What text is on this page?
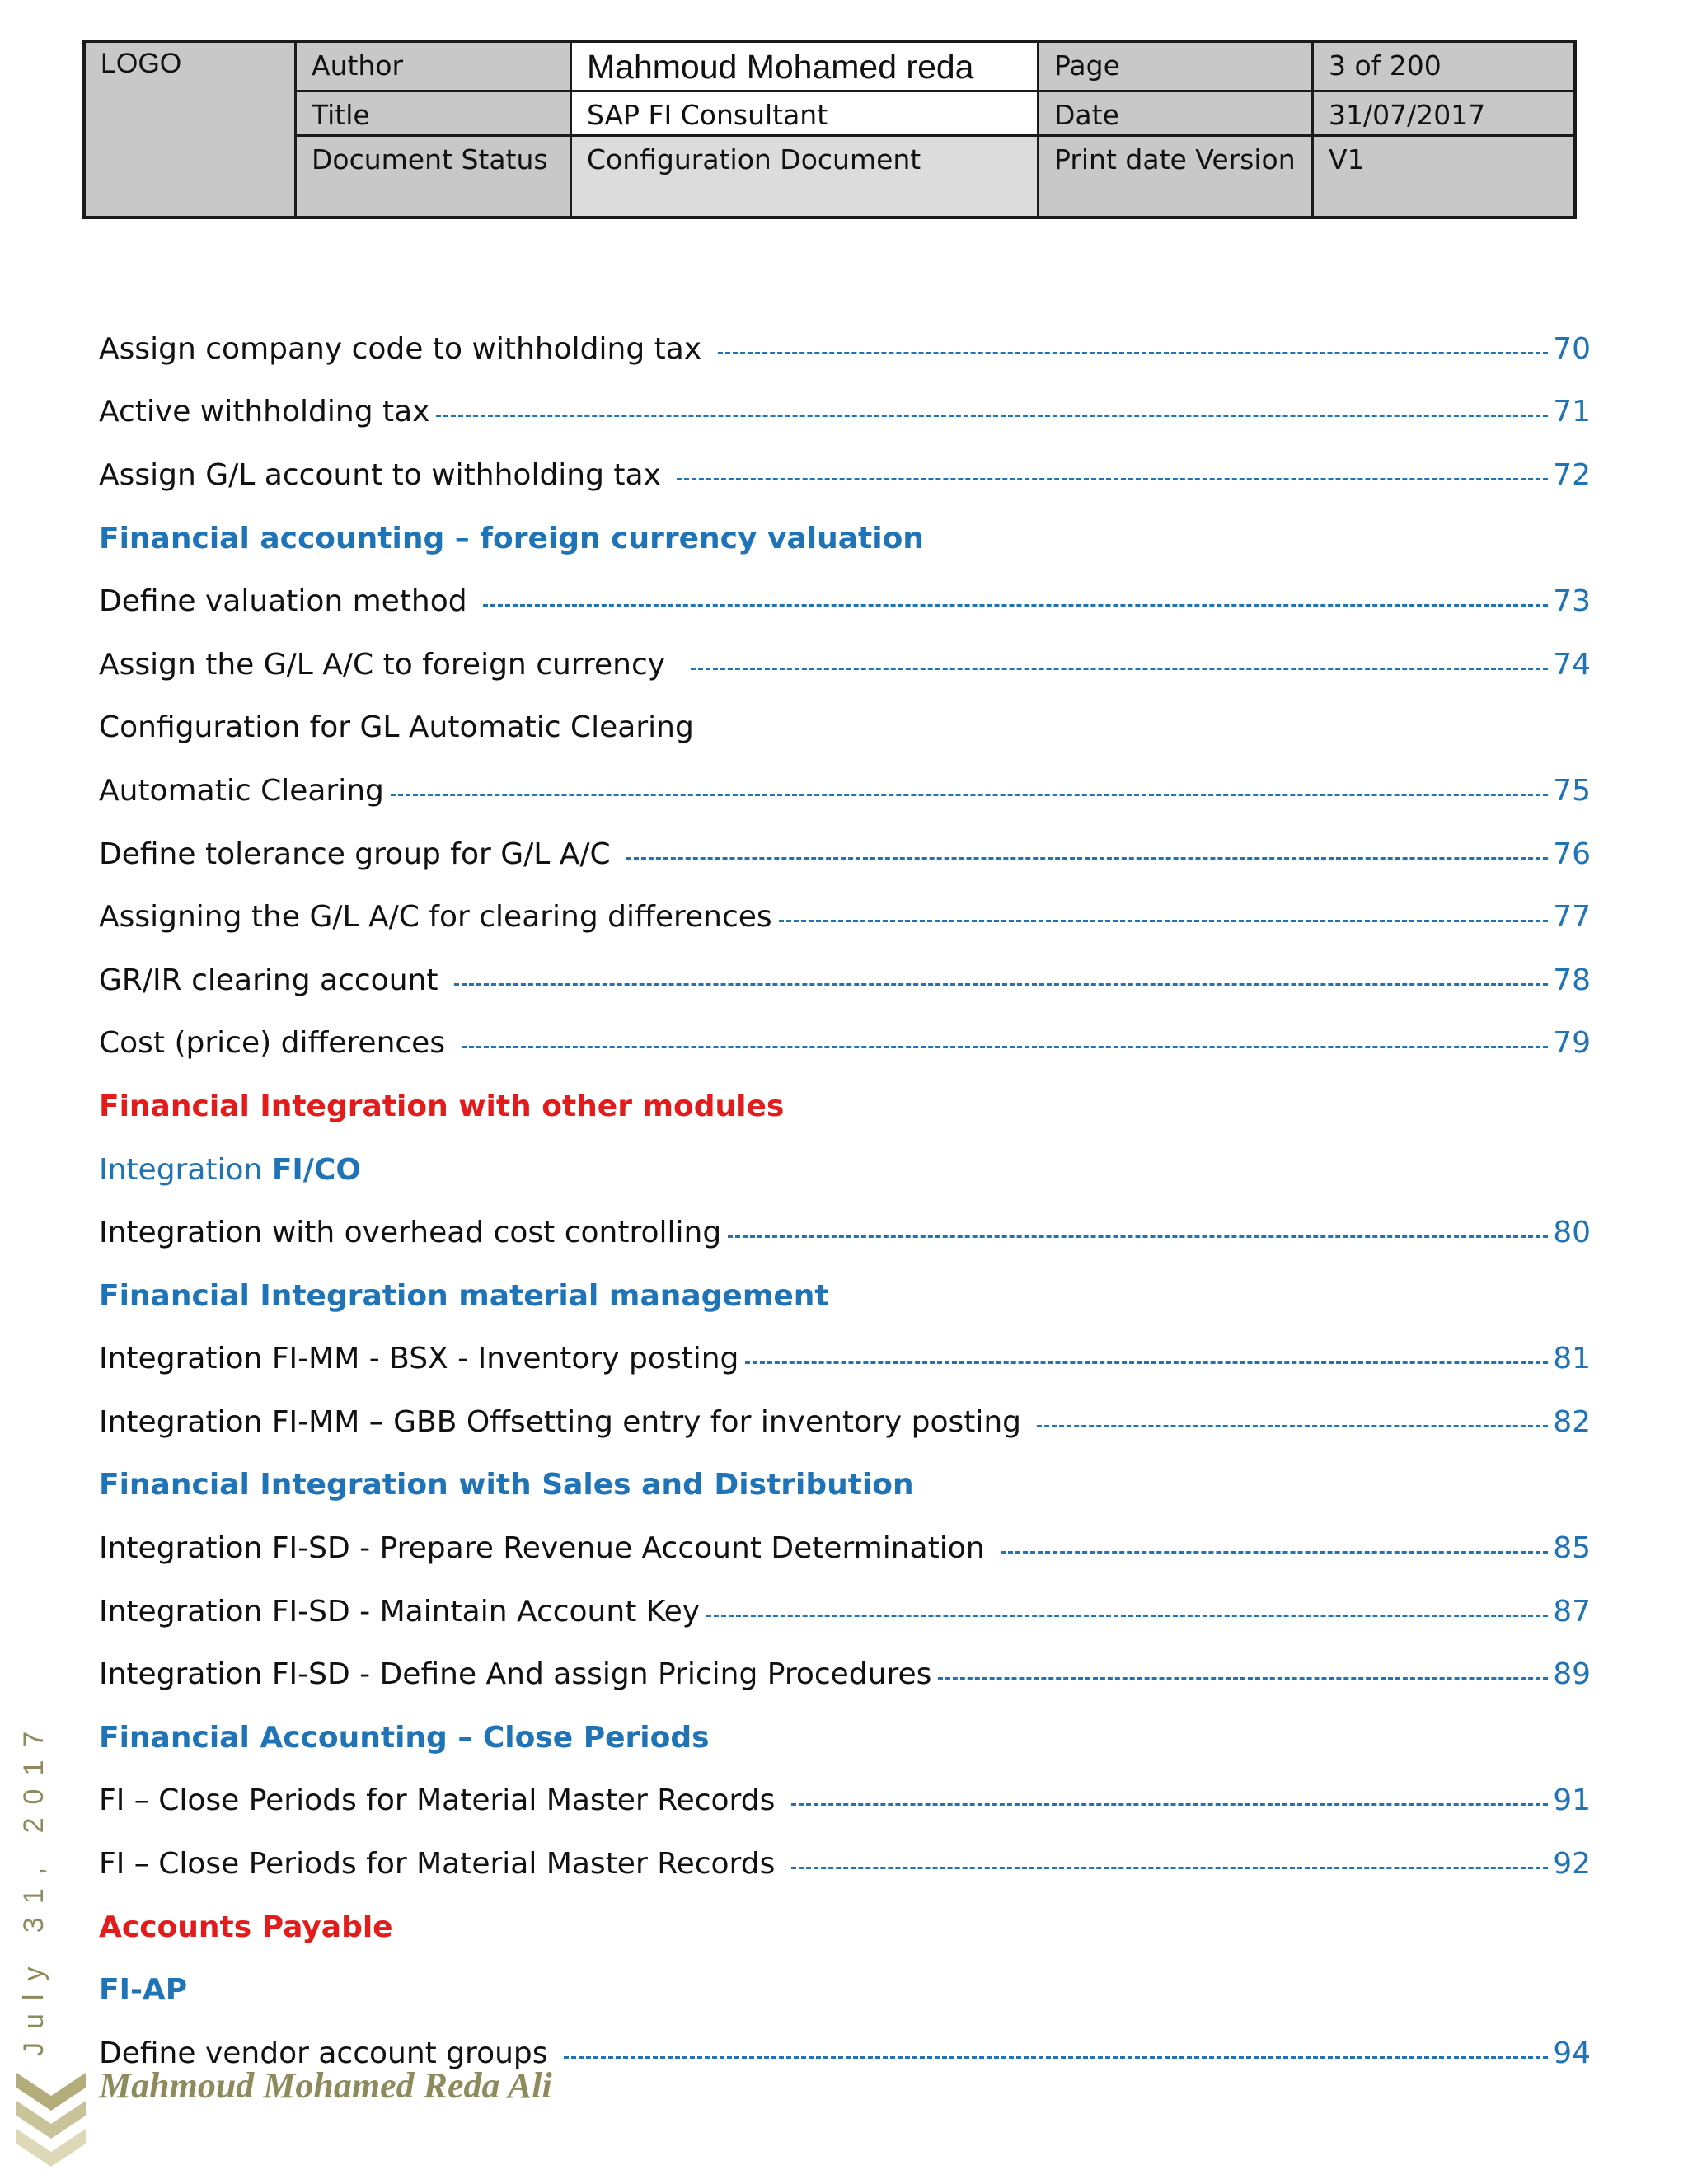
LOGO	Author	Mahmoud Mohamed reda	Page	3 of 200
Title	SAP FI Consultant	Date	31/07/2017
Document Status	Configuration Document	Print date Version	V1
Assign company code to withholding tax	70
Active withholding tax	71
Assign G/L account to withholding tax	72
Financial accounting – foreign currency valuation
Define valuation method	73
Assign the G/L A/C to foreign currency	74
Configuration for GL Automatic Clearing
Automatic Clearing	75
Define tolerance group for G/L A/C	76
Assigning the G/L A/C for clearing differences	77
GR/IR clearing account	78
Cost (price) differences	79
Financial Integration with other modules
Integration FI/CO
Integration with overhead cost controlling	80
Financial Integration material management
Integration FI-MM - BSX - Inventory posting	81
Integration FI-MM – GBB Offsetting entry for inventory posting	82
Financial Integration with Sales and Distribution
Integration FI-SD - Prepare Revenue Account Determination	85
Integration FI-SD - Maintain Account Key	87
Integration FI-SD - Define And assign Pricing Procedures	89
Financial Accounting – Close Periods
FI – Close Periods for Material Master Records	91
FI – Close Periods for Material Master Records	92
Accounts Payable
FI-AP
Define vendor account groups	94
July 31, 2017
Mahmoud Mohamed Reda Ali
